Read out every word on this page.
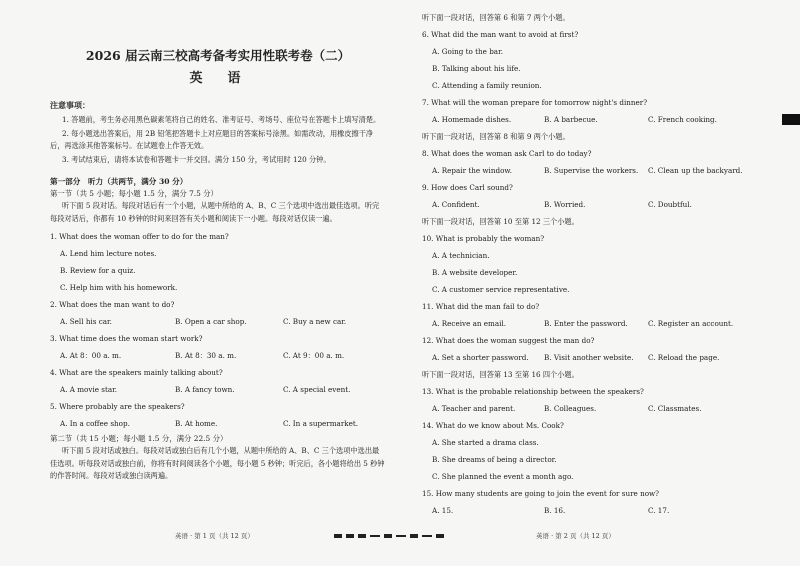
2026 届云南三校高考备考实用性联考卷（二）

英　语

注意事项：

1. 答题前，考生务必用黑色碳素笔将自己的姓名、准考证号、考场号、座位号在答题卡上填写清楚。

2. 每小题选出答案后，用 2B 铅笔把答题卡上对应题目的答案标号涂黑。如需改动，用橡皮擦干净后，再选涂其他答案标号。在试题卷上作答无效。

3. 考试结束后，请将本试卷和答题卡一并交回。满分 150 分，考试用时 120 分钟。

第一部分　听力（共两节，满分 30 分）
第一节（共 5 小题；每小题 1.5 分，满分 7.5 分）
听下面 5 段对话。每段对话后有一个小题，从题中所给的 A、B、C 三个选项中选出最佳选项。听完每段对话后，你都有 10 秒钟的时间来回答有关小题和阅读下一小题。每段对话仅读一遍。
1. What does the woman offer to do for the man?
A. Lend him lecture notes.
B. Review for a quiz.
C. Help him with his homework.
2. What does the man want to do?
A. Sell his car.	B. Open a car shop.	C. Buy a new car.
3. What time does the woman start work?
A. At 8：00 a. m.	B. At 8：30 a. m.	C. At 9：00 a. m.
4. What are the speakers mainly talking about?
A. A movie star.	B. A fancy town.	C. A special event.
5. Where probably are the speakers?
A. In a coffee shop.	B. At home.	C. In a supermarket.
第二节（共 15 小题；每小题 1.5 分，满分 22.5 分）
听下面 5 段对话或独白。每段对话或独白后有几个小题，从题中所给的 A、B、C 三个选项中选出最佳选项。听每段对话或独白前，你将有时间阅读各个小题，每小题 5 秒钟；听完后，各小题将给出 5 秒钟的作答时间。每段对话或独白读两遍。
听下面一段对话，回答第 6 和第 7 两个小题。
6. What did the man want to avoid at first?
A. Going to the bar.
B. Talking about his life.
C. Attending a family reunion.
7. What will the woman prepare for tomorrow night's dinner?
A. Homemade dishes.	B. A barbecue.	C. French cooking.
听下面一段对话，回答第 8 和第 9 两个小题。
8. What does the woman ask Carl to do today?
A. Repair the window.	B. Supervise the workers.	C. Clean up the backyard.
9. How does Carl sound?
A. Confident.	B. Worried.	C. Doubtful.
听下面一段对话，回答第 10 至第 12 三个小题。
10. What is probably the woman?
A. A technician.
B. A website developer.
C. A customer service representative.
11. What did the man fail to do?
A. Receive an email.	B. Enter the password.	C. Register an account.
12. What does the woman suggest the man do?
A. Set a shorter password.	B. Visit another website.	C. Reload the page.
听下面一段对话，回答第 13 至第 16 四个小题。
13. What is the probable relationship between the speakers?
A. Teacher and parent.	B. Colleagues.	C. Classmates.
14. What do we know about Ms. Cook?
A. She started a drama class.
B. She dreams of being a director.
C. She planned the event a month ago.
15. How many students are going to join the event for sure now?
A. 15.	B. 16.	C. 17.
英语 · 第 1 页（共 12 页）	英语 · 第 2 页（共 12 页）
